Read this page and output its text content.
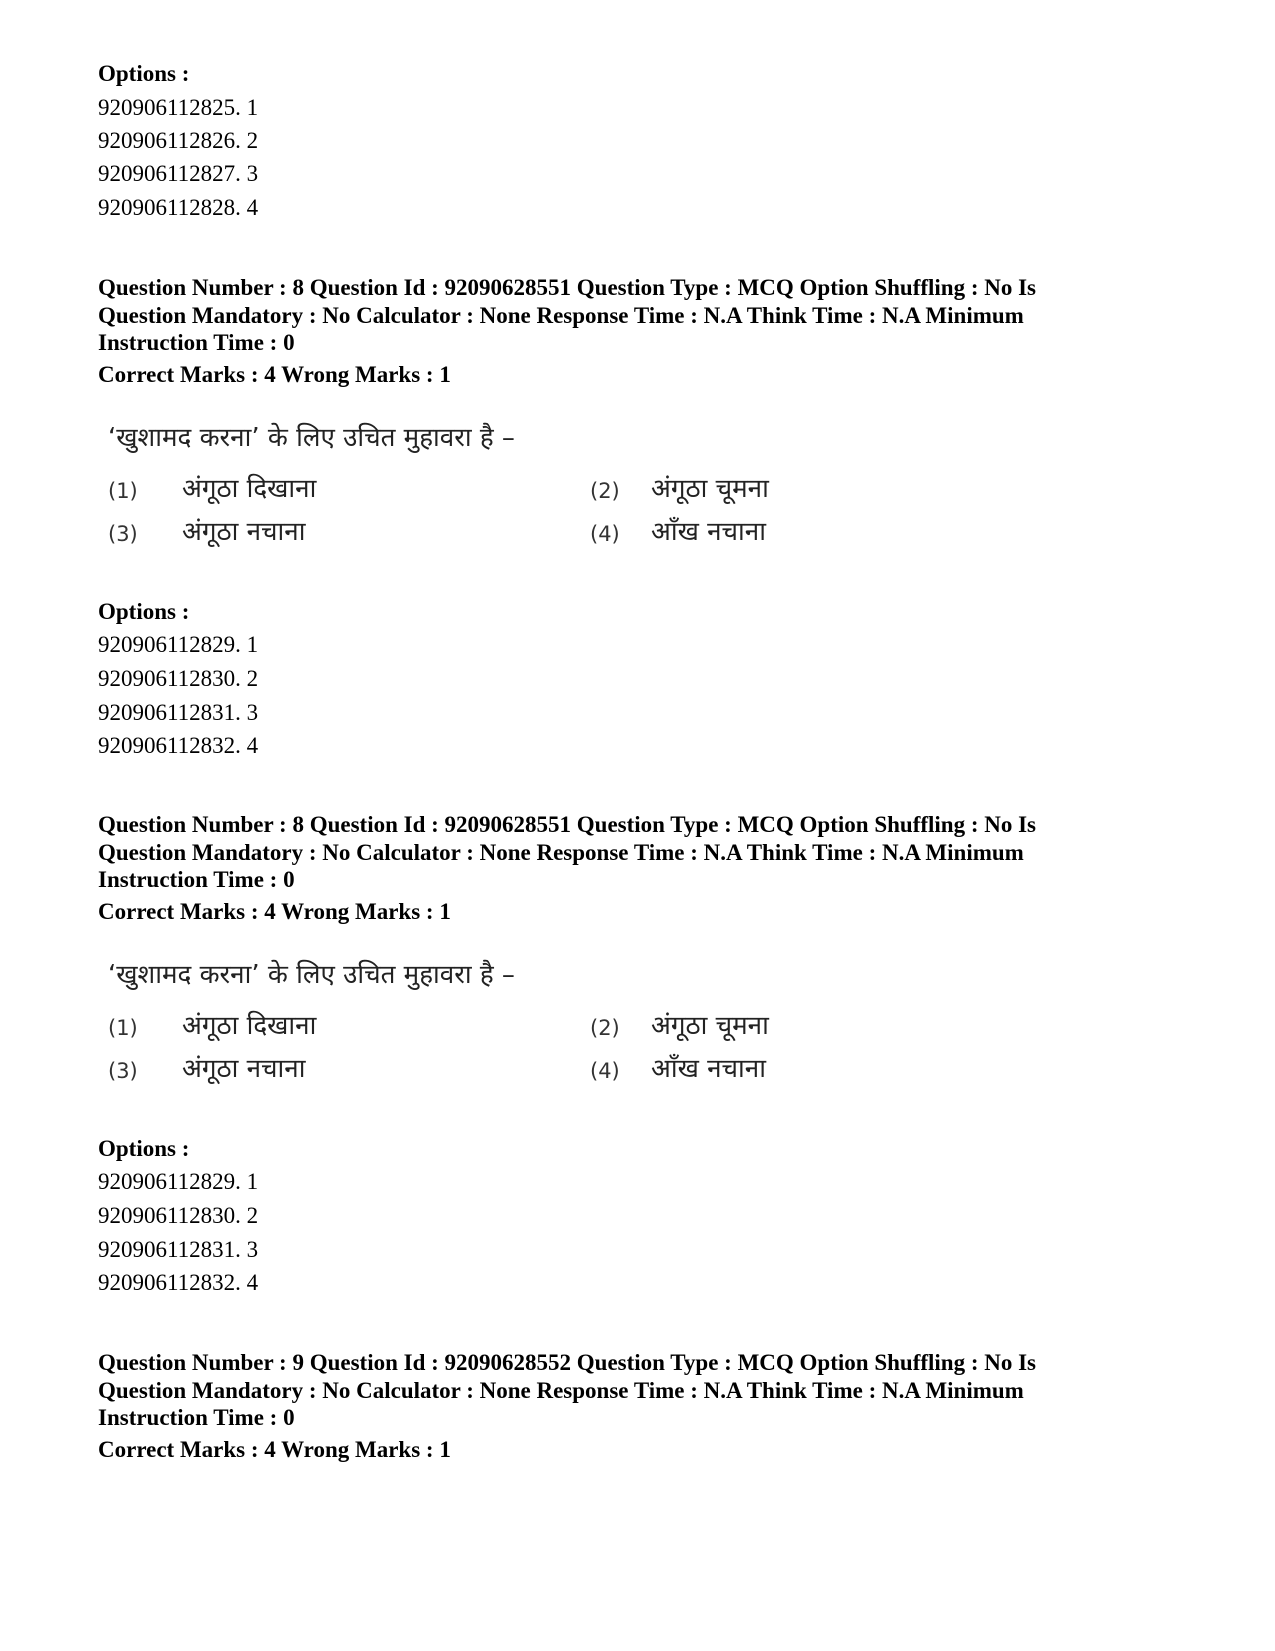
Options :
920906112825. 1
920906112826. 2
920906112827. 3
920906112828. 4
Question Number : 8 Question Id : 92090628551 Question Type : MCQ Option Shuffling : No Is
Question Mandatory : No Calculator : None Response Time : N.A Think Time : N.A Minimum
Instruction Time : 0
Correct Marks : 4 Wrong Marks : 1
‘खुशामद करना’ के लिए उचित मुहावरा है –
(1) अंगूठा दिखाना	(2) अंगूठा चूमना
(3) अंगूठा नचाना	(4) आँख नचाना
Options :
920906112829. 1
920906112830. 2
920906112831. 3
920906112832. 4
Question Number : 8 Question Id : 92090628551 Question Type : MCQ Option Shuffling : No Is
Question Mandatory : No Calculator : None Response Time : N.A Think Time : N.A Minimum
Instruction Time : 0
Correct Marks : 4 Wrong Marks : 1
‘खुशामद करना’ के लिए उचित मुहावरा है –
(1) अंगूठा दिखाना	(2) अंगूठा चूमना
(3) अंगूठा नचाना	(4) आँख नचाना
Options :
920906112829. 1
920906112830. 2
920906112831. 3
920906112832. 4
Question Number : 9 Question Id : 92090628552 Question Type : MCQ Option Shuffling : No Is
Question Mandatory : No Calculator : None Response Time : N.A Think Time : N.A Minimum
Instruction Time : 0
Correct Marks : 4 Wrong Marks : 1
